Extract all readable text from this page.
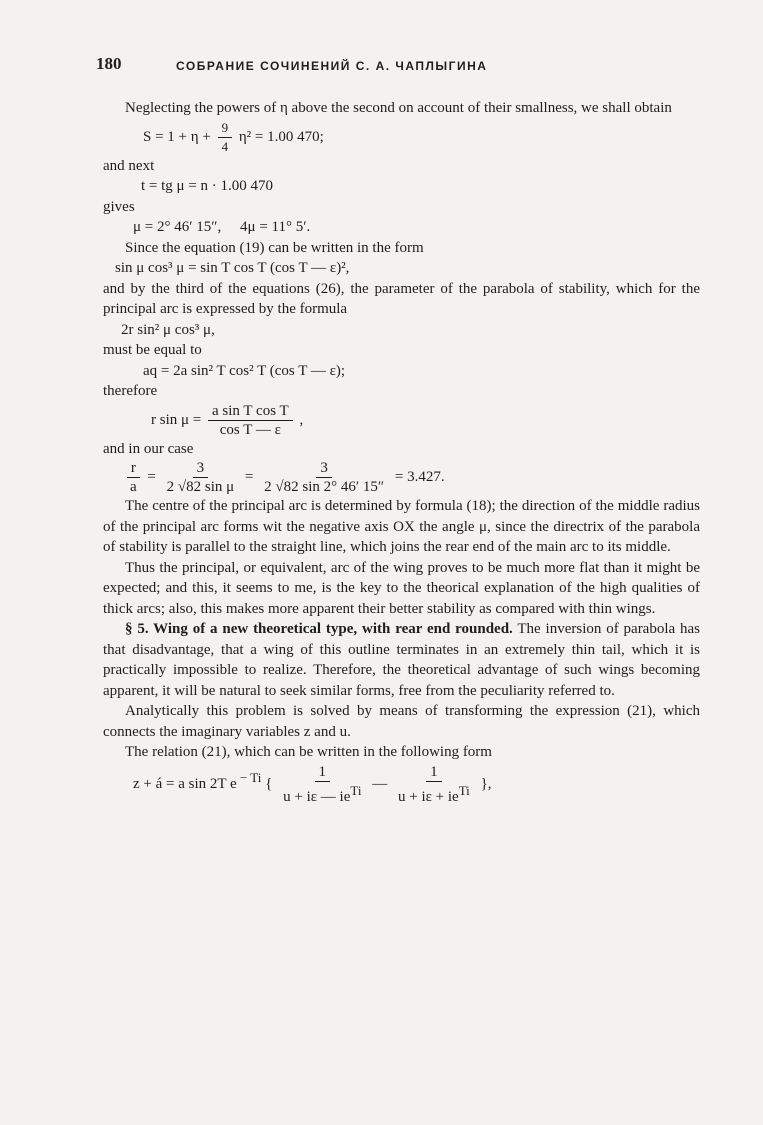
180	СОБРАНИЕ СОЧИНЕНИЙ С. А. ЧАПЛЫГИНА

Neglecting the powers of η above the second on account of their smallness, we shall obtain

$S = 1 + \eta + \frac{9}{4} \eta^2 = 1.00$ 470;

and next

t = tg μ = n · 1.00 470

gives

μ = 2° 46′ 15″,     4μ = 11° 5′.

Since the equation (19) can be written in the form

sin μ cos³ μ = sin T cos T (cos T — ε)²,

and by the third of the equations (26), the parameter of the parabola of stability, which for the principal arc is expressed by the formula

2r sin² μ cos³ μ,

must be equal to

aq = 2a sin² T cos² T (cos T — ε);

therefore

r $\sin \mu = \frac{\text{a sin T cos T}}{\text{cos T — ε}}$ ,

and in our case

$\frac{r}{a} = \frac{3}{\text{2 √82 sin μ}} = \frac{3}{2 √82 \sin 2^\circ 46' 15''} = 3.427$.

The centre of the principal arc is determined by formula (18); the direction of the middle radius of the principal arc forms wit the negative axis OX the angle μ, since the directrix of the parabola of stability is parallel to the straight line, which joins the rear end of the main arc to its middle.

Thus the principal, or equivalent, arc of the wing proves to be much more flat than it might be expected; and this, it seems to me, is the key to the theorical explanation of the high qualities of thick arcs; also, this makes more apparent their better stability as compared with thin wings.

§ 5. Wing of a new theoretical type, with rear end rounded. The inversion of parabola has that disadvantage, that a wing of this outline terminates in an extremely thin tail, which it is practically impossible to realize. Therefore, the theoretical advantage of such wings becoming apparent, it will be natural to seek similar forms, free from the peculiarity referred to.

Analytically this problem is solved by means of transforming the expression (21), which connects the imaginary variables z and u.

The relation (21), which can be written in the following form

z + á = a sin 2T e $^{- Ti}$ { $\frac{1}{u + i\varepsilon — ie^{Ti}}$ — $\frac{1}{u + i\varepsilon + ie^{Ti}}$ },
